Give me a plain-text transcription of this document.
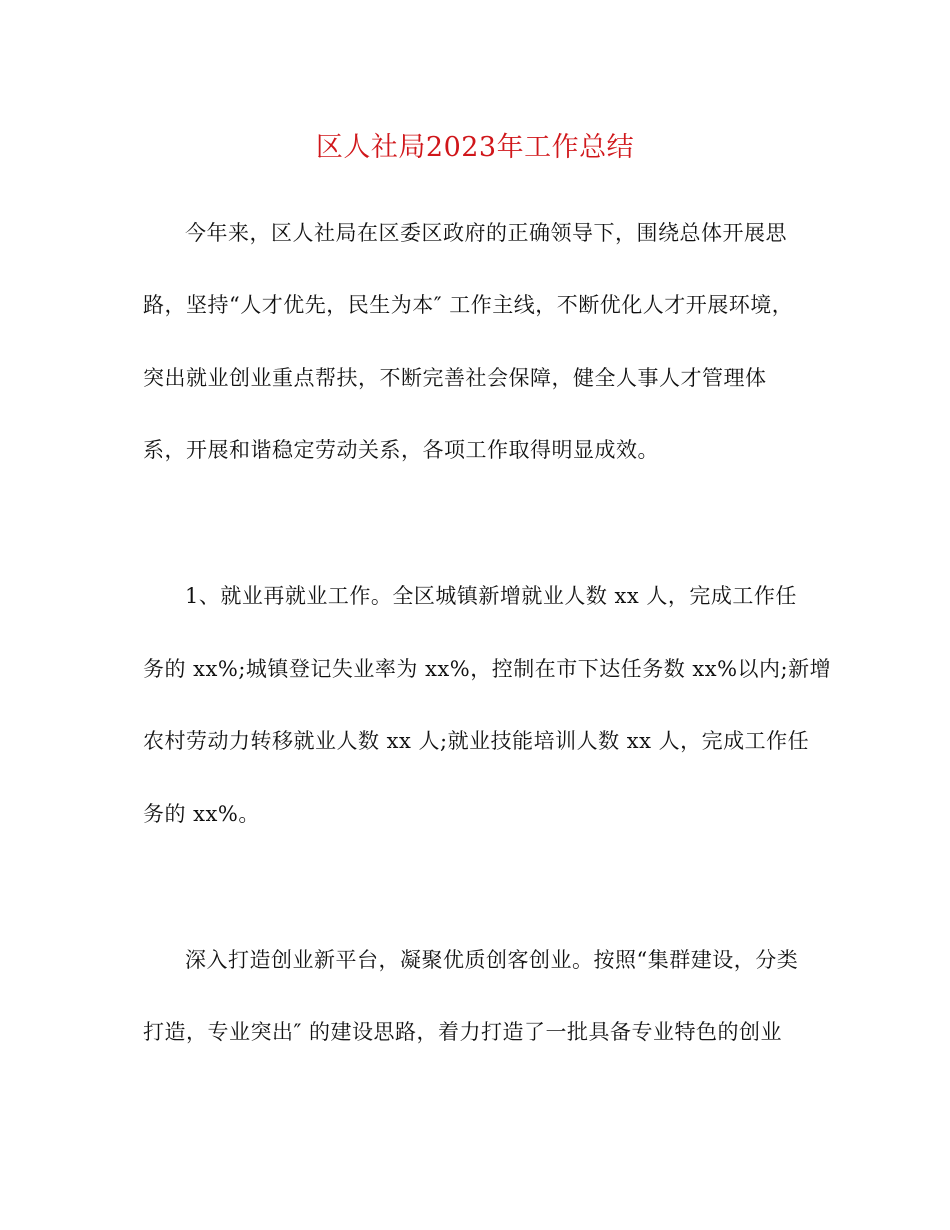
区人社局2023年工作总结
今年来，区人社局在区委区政府的正确领导下，围绕总体开展思
路，坚持“人才优先，民生为本″ 工作主线，不断优化人才开展环境，
突出就业创业重点帮扶，不断完善社会保障，健全人事人才管理体
系，开展和谐稳定劳动关系，各项工作取得明显成效。
1、就业再就业工作。全区城镇新增就业人数 xx 人，完成工作任
务的 xx%;城镇登记失业率为 xx%，控制在市下达任务数 xx%以内;新增
农村劳动力转移就业人数 xx 人;就业技能培训人数 xx 人，完成工作任
务的 xx%。
深入打造创业新平台，凝聚优质创客创业。按照“集群建设，分类
打造，专业突出″ 的建设思路，着力打造了一批具备专业特色的创业
